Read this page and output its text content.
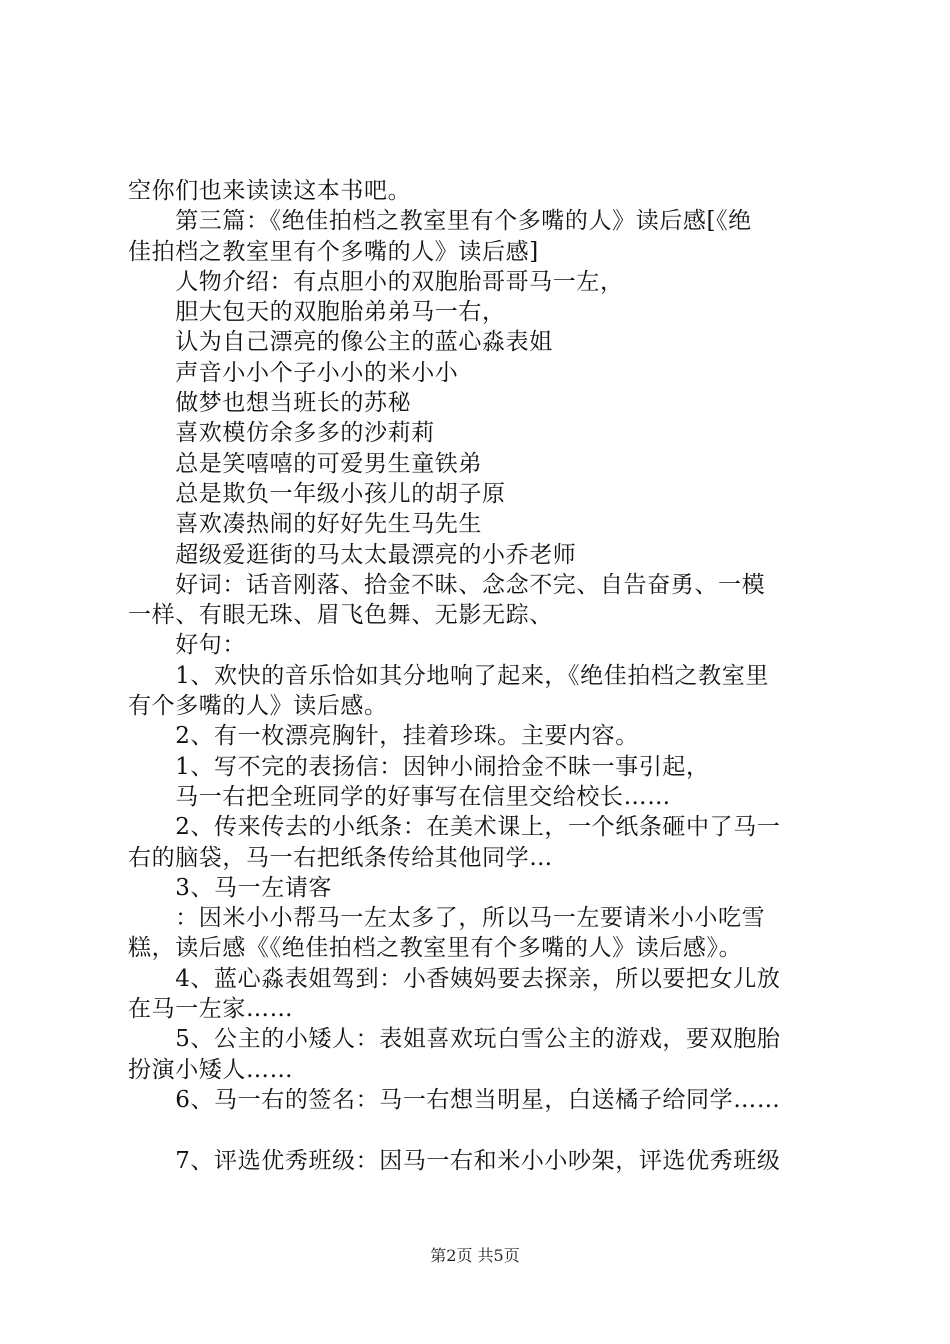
空你们也来读读这本书吧。
　　第三篇：《绝佳拍档之教室里有个多嘴的人》读后感[《绝
佳拍档之教室里有个多嘴的人》读后感]
　　人物介绍：有点胆小的双胞胎哥哥马一左，
　　胆大包天的双胞胎弟弟马一右，
　　认为自己漂亮的像公主的蓝心淼表姐
　　声音小小个子小小的米小小
　　做梦也想当班长的苏秘
　　喜欢模仿余多多的沙莉莉
　　总是笑嘻嘻的可爱男生童铁弟
　　总是欺负一年级小孩儿的胡子原
　　喜欢凑热闹的好好先生马先生
　　超级爱逛街的马太太最漂亮的小乔老师
　　好词：话音刚落、拾金不昧、念念不完、自告奋勇、一模
一样、有眼无珠、眉飞色舞、无影无踪、
　　好句：
　　1、欢快的音乐恰如其分地响了起来，《绝佳拍档之教室里
有个多嘴的人》读后感。
　　2、有一枚漂亮胸针，挂着珍珠。主要内容。
　　1、写不完的表扬信：因钟小闹拾金不昧一事引起，
　　马一右把全班同学的好事写在信里交给校长……
　　2、传来传去的小纸条：在美术课上，一个纸条砸中了马一
右的脑袋，马一右把纸条传给其他同学…
　　3、马一左请客
　　：因米小小帮马一左太多了，所以马一左要请米小小吃雪
糕，读后感《《绝佳拍档之教室里有个多嘴的人》读后感》。
　　4、蓝心淼表姐驾到：小香姨妈要去探亲，所以要把女儿放
在马一左家……
　　5、公主的小矮人：表姐喜欢玩白雪公主的游戏，要双胞胎
扮演小矮人……
　　6、马一右的签名：马一右想当明星，白送橘子给同学……
　　7、评选优秀班级：因马一右和米小小吵架，评选优秀班级
第2页 共5页
